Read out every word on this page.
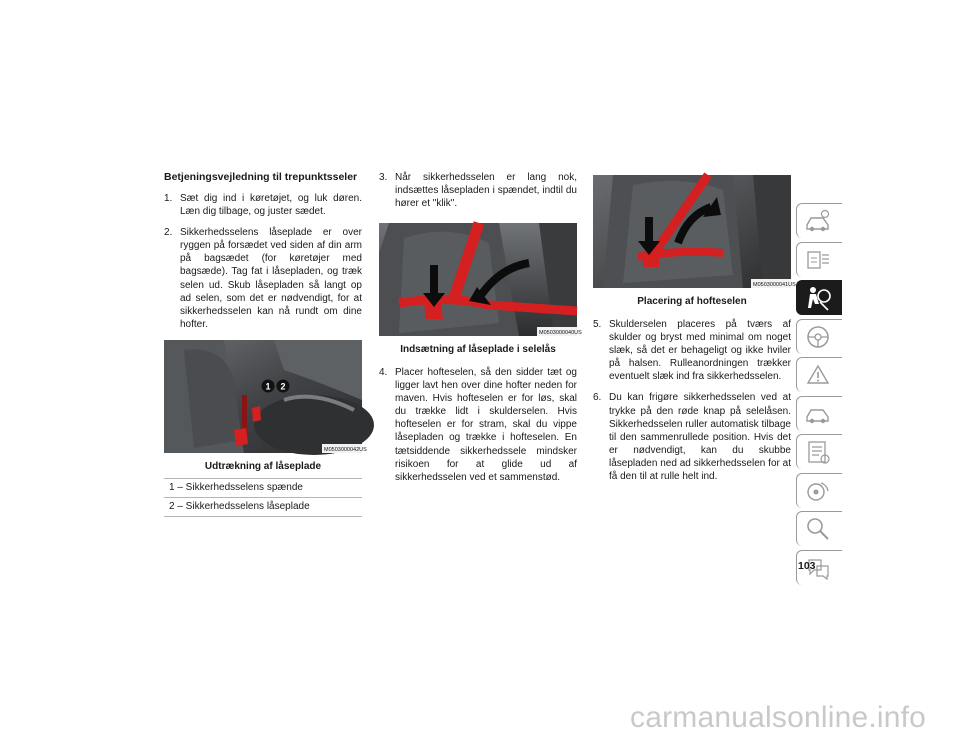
Betjeningsvejledning til trepunktsseler
1. Sæt dig ind i køretøjet, og luk døren. Læn dig tilbage, og juster sædet.
2. Sikkerhedsselens låseplade er over ryggen på forsædet ved siden af din arm på bagsædet (for køretøjer med bagsæde). Tag fat i låsepladen, og træk selen ud. Skub låsepladen så langt op ad selen, som det er nødvendigt, for at sikkerhedsselen kan nå rundt om dine hofter.
1 2
M0503000042US
Udtrækning af låseplade
1 – Sikkerhedsselens spænde
2 – Sikkerhedsselens låseplade
3. Når sikkerhedsselen er lang nok, indsættes låsepladen i spændet, indtil du hører et "klik".
M0503000040US
Indsætning af låseplade i selelås
4. Placer hofteselen, så den sidder tæt og ligger lavt hen over dine hofter neden for maven. Hvis hofteselen er for løs, skal du trække lidt i skulderselen. Hvis hofteselen er for stram, skal du vippe låsepladen og trække i hofteselen. En tætsiddende sikkerhedssele mindsker risikoen for at glide ud af sikkerhedsselen ved et sammenstød.
M0503000041US
Placering af hofteselen
5. Skulderselen placeres på tværs af skulder og bryst med minimal om noget slæk, så det er behageligt og ikke hviler på halsen. Rulleanordningen trækker eventuelt slæk ind fra sikkerhedsselen.
6. Du kan frigøre sikkerhedsselen ved at trykke på den røde knap på selelåsen. Sikkerhedsselen ruller automatisk tilbage til den sammenrullede position. Hvis det er nødvendigt, kan du skubbe låsepladen ned ad sikkerhedsselen for at få den til at rulle helt ind.
103
carmanualsonline.info
